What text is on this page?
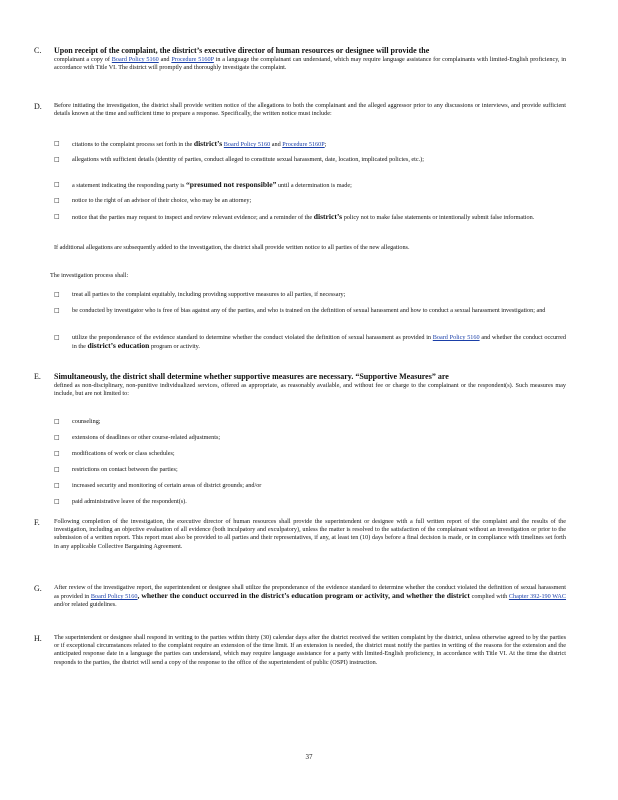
C. Upon receipt of the complaint, the district’s executive director of human resources or designee will provide the
complainant a copy of Board Policy 5160 and Procedure 5160P in a language the complainant can understand, which may require language assistance for complainants with limited-English proficiency, in accordance with Title VI. The district will promptly and thoroughly investigate the complaint.
D. Before initiating the investigation, the district shall provide written notice of the allegations to both the complainant and the alleged aggressor prior to any discussions or interviews, and provide sufficient details known at the time and sufficient time to prepare a response. Specifically, the written notice must include:
□ citations to the complaint process set forth in the district’s Board Policy 5160 and Procedure 5160P;
□ allegations with sufficient details (identity of parties, conduct alleged to constitute sexual harassment, date, location, implicated policies, etc.);
□ a statement indicating the responding party is “presumed not responsible” until a determination is made;
□ notice to the right of an advisor of their choice, who may be an attorney;
□ notice that the parties may request to inspect and review relevant evidence; and a reminder of the district’s policy not to make false statements or intentionally submit false information.
If additional allegations are subsequently added to the investigation, the district shall provide written notice to all parties of the new allegations.
The investigation process shall:
□ treat all parties to the complaint equitably, including providing supportive measures to all parties, if necessary;
□ be conducted by investigator who is free of bias against any of the parties, and who is trained on the definition of sexual harassment and how to conduct a sexual harassment investigation; and
□ utilize the preponderance of the evidence standard to determine whether the conduct violated the definition of sexual harassment as provided in Board Policy 5160 and whether the conduct occurred in the district’s education program or activity.
E. Simultaneously, the district shall determine whether supportive measures are necessary. “Supportive Measures” are
defined as non-disciplinary, non-punitive individualized services, offered as appropriate, as reasonably available, and without fee or charge to the complainant or the respondent(s). Such measures may include, but are not limited to:
□ counseling;
□ extensions of deadlines or other course-related adjustments;
□ modifications of work or class schedules;
□ restrictions on contact between the parties;
□ increased security and monitoring of certain areas of district grounds; and/or
□ paid administrative leave of the respondent(s).
F. Following completion of the investigation, the executive director of human resources shall provide the superintendent or designee with a full written report of the complaint and the results of the investigation, including an objective evaluation of all evidence (both inculpatory and exculpatory), unless the matter is resolved to the satisfaction of the complainant without an investigation or prior to the submission of a written report. This report must also be provided to all parties and their representatives, if any, at least ten (10) days before a final decision is made, or in compliance with timelines set forth in any applicable Collective Bargaining Agreement.
G. After review of the investigative report, the superintendent or designee shall utilize the preponderance of the evidence standard to determine whether the conduct violated the definition of sexual harassment as provided in Board Policy 5160, whether the conduct occurred in the district’s education program or activity, and whether the district complied with Chapter 392-190 WAC and/or related guidelines.
H. The superintendent or designee shall respond in writing to the parties within thirty (30) calendar days after the district received the written complaint by the district, unless otherwise agreed to by the parties or if exceptional circumstances related to the complaint require an extension of the time limit. If an extension is needed, the district must notify the parties in writing of the reasons for the extension and the anticipated response date in a language the parties can understand, which may require language assistance for a party with limited-English proficiency, in accordance with Title VI. At the time the district responds to the parties, the district will send a copy of the response to the office of the superintendent of public (OSPI) instruction.
37
